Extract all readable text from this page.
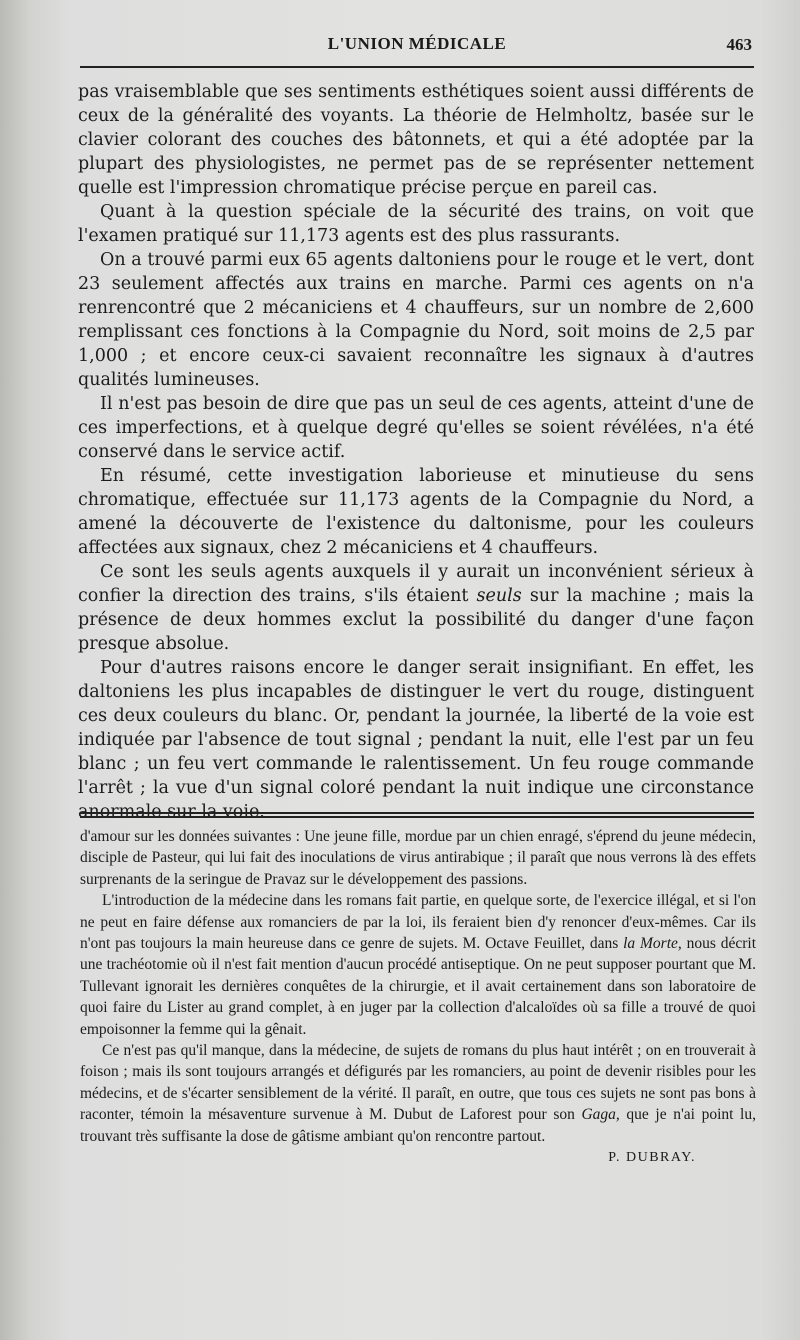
L'UNION MÉDICALE	463

pas vraisemblable que ses sentiments esthétiques soient aussi différents de ceux de la généralité des voyants. La théorie de Helmholtz, basée sur le clavier colorant des couches des bâtonnets, et qui a été adoptée par la plupart des physiologistes, ne permet pas de se représenter nettement quelle est l'impression chromatique précise perçue en pareil cas.

Quant à la question spéciale de la sécurité des trains, on voit que l'examen pratiqué sur 11,173 agents est des plus rassurants.

On a trouvé parmi eux 65 agents daltoniens pour le rouge et le vert, dont 23 seulement affectés aux trains en marche. Parmi ces agents on n'a renrencontré que 2 mécaniciens et 4 chauffeurs, sur un nombre de 2,600 remplissant ces fonctions à la Compagnie du Nord, soit moins de 2,5 par 1,000 ; et encore ceux-ci savaient reconnaître les signaux à d'autres qualités lumineuses.

Il n'est pas besoin de dire que pas un seul de ces agents, atteint d'une de ces imperfections, et à quelque degré qu'elles se soient révélées, n'a été conservé dans le service actif.

En résumé, cette investigation laborieuse et minutieuse du sens chromatique, effectuée sur 11,173 agents de la Compagnie du Nord, a amené la découverte de l'existence du daltonisme, pour les couleurs affectées aux signaux, chez 2 mécaniciens et 4 chauffeurs.

Ce sont les seuls agents auxquels il y aurait un inconvénient sérieux à confier la direction des trains, s'ils étaient seuls sur la machine ; mais la présence de deux hommes exclut la possibilité du danger d'une façon presque absolue.

Pour d'autres raisons encore le danger serait insignifiant. En effet, les daltoniens les plus incapables de distinguer le vert du rouge, distinguent ces deux couleurs du blanc. Or, pendant la journée, la liberté de la voie est indiquée par l'absence de tout signal ; pendant la nuit, elle l'est par un feu blanc ; un feu vert commande le ralentissement. Un feu rouge commande l'arrêt ; la vue d'un signal coloré pendant la nuit indique une circonstance anormale sur la voie.

d'amour sur les données suivantes : Une jeune fille, mordue par un chien enragé, s'éprend du jeune médecin, disciple de Pasteur, qui lui fait des inoculations de virus antirabique ; il paraît que nous verrons là des effets surprenants de la seringue de Pravaz sur le développement des passions.

L'introduction de la médecine dans les romans fait partie, en quelque sorte, de l'exercice illégal, et si l'on ne peut en faire défense aux romanciers de par la loi, ils feraient bien d'y renoncer d'eux-mêmes. Car ils n'ont pas toujours la main heureuse dans ce genre de sujets. M. Octave Feuillet, dans la Morte, nous décrit une trachéotomie où il n'est fait mention d'aucun procédé antiseptique. On ne peut supposer pourtant que M. Tullevant ignorait les dernières conquêtes de la chirurgie, et il avait certainement dans son laboratoire de quoi faire du Lister au grand complet, à en juger par la collection d'alcaloïdes où sa fille a trouvé de quoi empoisonner la femme qui la gênait.

Ce n'est pas qu'il manque, dans la médecine, de sujets de romans du plus haut intérêt ; on en trouverait à foison ; mais ils sont toujours arrangés et défigurés par les romanciers, au point de devenir risibles pour les médecins, et de s'écarter sensiblement de la vérité. Il paraît, en outre, que tous ces sujets ne sont pas bons à raconter, témoin la mésaventure survenue à M. Dubut de Laforest pour son Gaga, que je n'ai point lu, trouvant très suffisante la dose de gâtisme ambiant qu'on rencontre partout.

P. DUBRAY.
